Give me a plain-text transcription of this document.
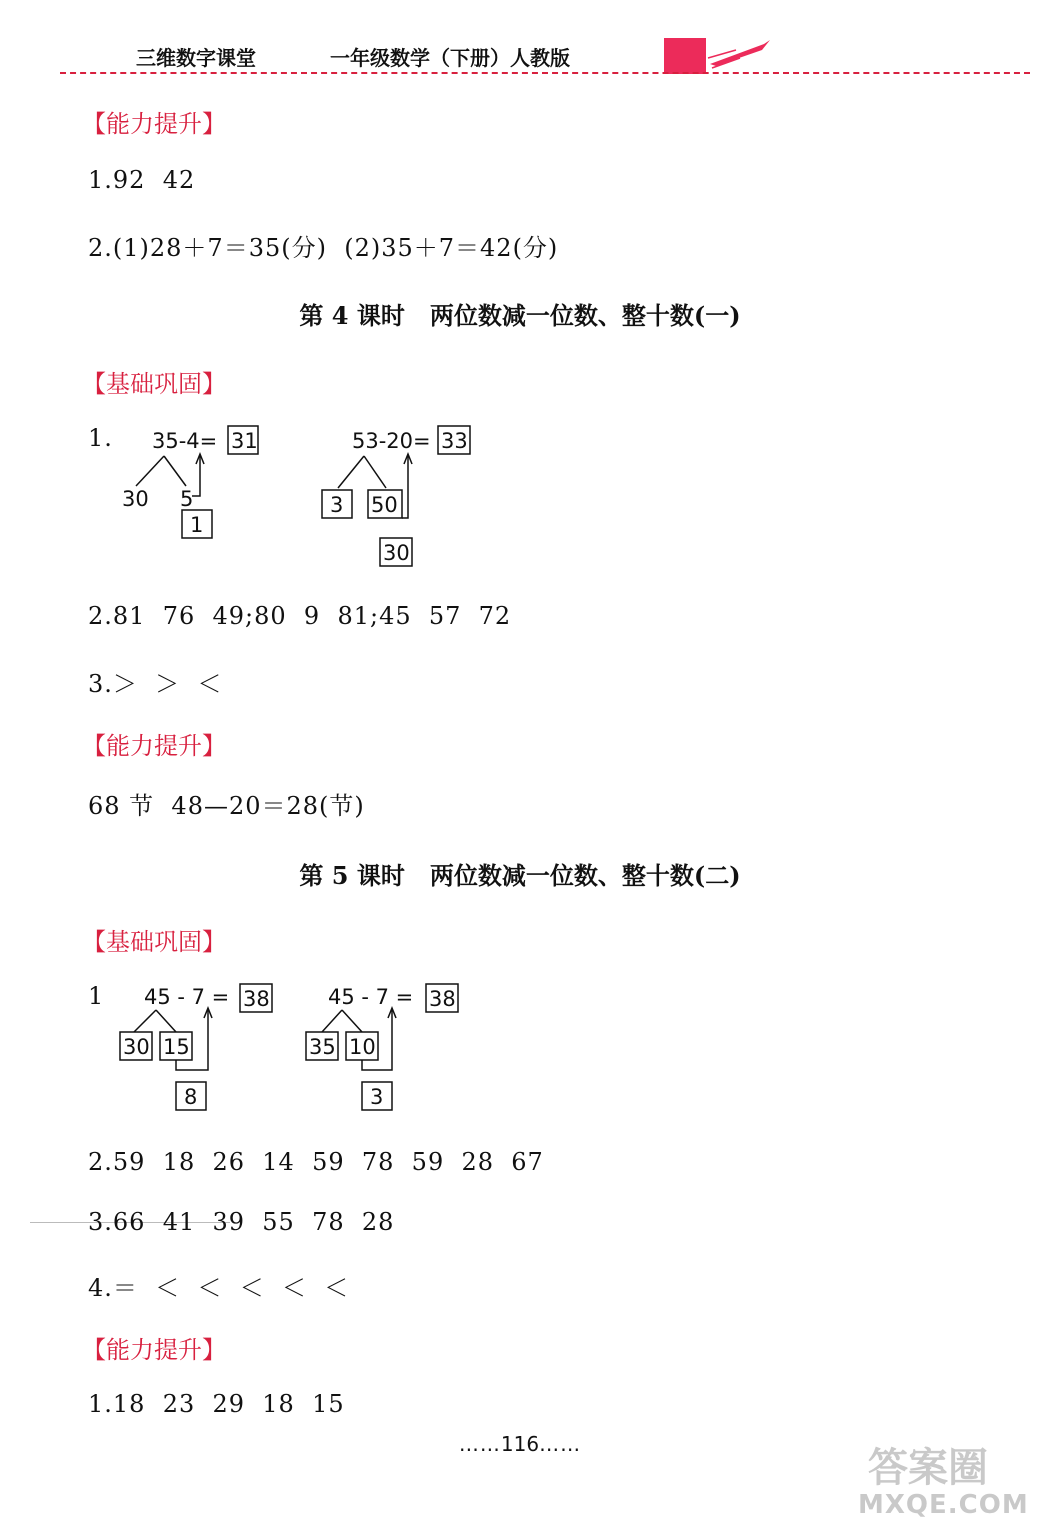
三维数字课堂	一年级数学（下册）人教版
【能力提升】
1.92  42
2.(1)28＋7＝35(分)  (2)35＋7＝42(分)
第 4 课时   两位数减一位数、整十数(一)
【基础巩固】
1. 35-4= 31
30 5
1
53-20= 33
3 50
30
2.81  76  49;80  9  81;45  57  72
3.＞  ＞  ＜
【能力提升】
68 节  48—20＝28(节)
第 5 课时   两位数减一位数、整十数(二)
【基础巩固】
1 45 - 7 = 38
30 15
8
45 - 7 = 38
35 10
3
2.59  18  26  14  59  78  59  28  67
3.66  41  39  55  78  28
4.＝  ＜  ＜  ＜  ＜  ＜
【能力提升】
1.18  23  29  18  15
……116……
答案圈
MXQE.COM
